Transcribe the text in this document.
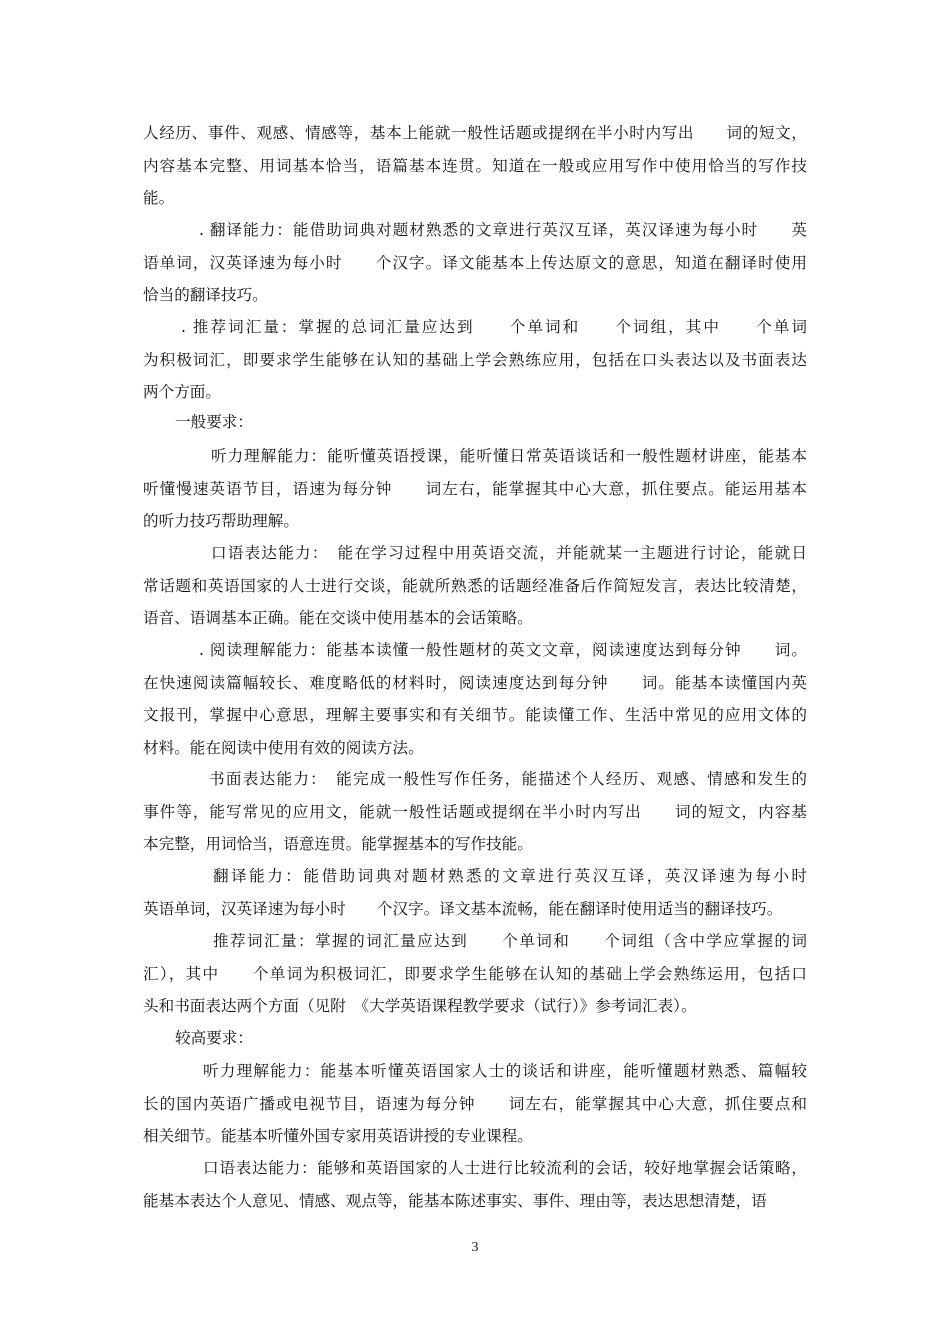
人经历、事件、观感、情感等，基本上能就一般性话题或提纲在半小时内写出　　词的短文，
内容基本完整、用词基本恰当，语篇基本连贯。知道在一般或应用写作中使用恰当的写作技
能。
. 翻译能力：能借助词典对题材熟悉的文章进行英汉互译，英汉译速为每小时　　英
语单词，汉英译速为每小时　　个汉字。译文能基本上传达原文的意思，知道在翻译时使用
恰当的翻译技巧。
. 推荐词汇量：掌握的总词汇量应达到　　个单词和　　个词组，其中　　个单词
为积极词汇，即要求学生能够在认知的基础上学会熟练应用，包括在口头表达以及书面表达
两个方面。
一般要求：
听力理解能力：能听懂英语授课，能听懂日常英语谈话和一般性题材讲座，能基本
听懂慢速英语节目，语速为每分钟　　词左右，能掌握其中心大意，抓住要点。能运用基本
的听力技巧帮助理解。
口语表达能力：　能在学习过程中用英语交流，并能就某一主题进行讨论，能就日
常话题和英语国家的人士进行交谈，能就所熟悉的话题经准备后作简短发言，表达比较清楚，
语音、语调基本正确。能在交谈中使用基本的会话策略。
. 阅读理解能力：能基本读懂一般性题材的英文文章，阅读速度达到每分钟　　词。
在快速阅读篇幅较长、难度略低的材料时，阅读速度达到每分钟　　词。能基本读懂国内英
文报刊，掌握中心意思，理解主要事实和有关细节。能读懂工作、生活中常见的应用文体的
材料。能在阅读中使用有效的阅读方法。
书面表达能力：　能完成一般性写作任务，能描述个人经历、观感、情感和发生的
事件等，能写常见的应用文，能就一般性话题或提纲在半小时内写出　　词的短文，内容基
本完整，用词恰当，语意连贯。能掌握基本的写作技能。
翻译能力：能借助词典对题材熟悉的文章进行英汉互译，英汉译速为每小时
英语单词，汉英译速为每小时　　个汉字。译文基本流畅，能在翻译时使用适当的翻译技巧。
推荐词汇量：掌握的词汇量应达到　　个单词和　　个词组（含中学应掌握的词
汇），其中　　个单词为积极词汇，即要求学生能够在认知的基础上学会熟练运用，包括口
头和书面表达两个方面（见附　《大学英语课程教学要求（试行）》参考词汇表）。
较高要求：
听力理解能力：能基本听懂英语国家人士的谈话和讲座，能听懂题材熟悉、篇幅较
长的国内英语广播或电视节目，语速为每分钟　　词左右，能掌握其中心大意，抓住要点和
相关细节。能基本听懂外国专家用英语讲授的专业课程。
口语表达能力：能够和英语国家的人士进行比较流利的会话，较好地掌握会话策略，
能基本表达个人意见、情感、观点等，能基本陈述事实、事件、理由等，表达思想清楚，语
3
